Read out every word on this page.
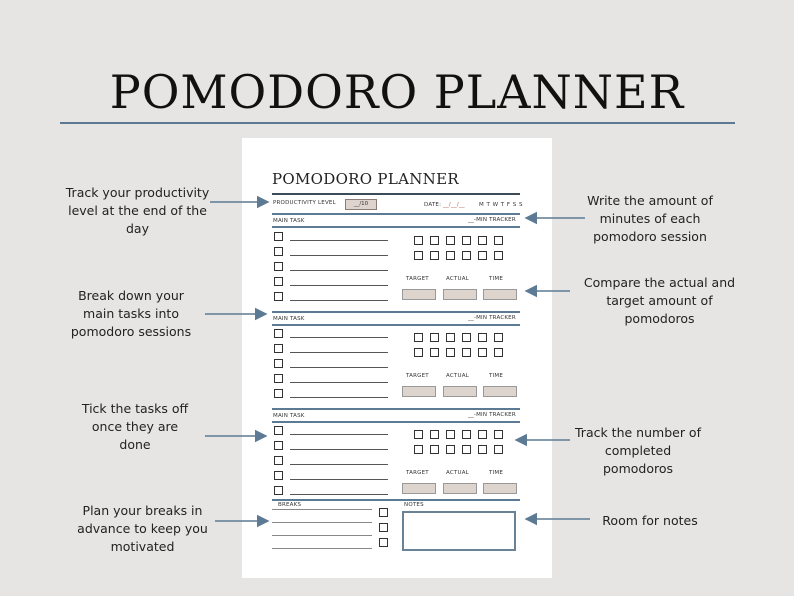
POMODORO PLANNER
POMODORO PLANNER
PRODUCTIVITY LEVEL	__/10	DATE: __/__/__	M T W T F S S
MAIN TASK	__-MIN TRACKER
TARGET	ACTUAL	TIME
MAIN TASK	__-MIN TRACKER
TARGET	ACTUAL	TIME
MAIN TASK	__-MIN TRACKER
TARGET	ACTUAL	TIME
BREAKS	NOTES
Track your productivity level at the end of the day
Break down your main tasks into pomodoro sessions
Tick the tasks off once they are done
Plan your breaks in advance to keep you motivated
Write the amount of minutes of each pomodoro session
Compare the actual and target amount of pomodoros
Track the number of completed pomodoros
Room for notes
